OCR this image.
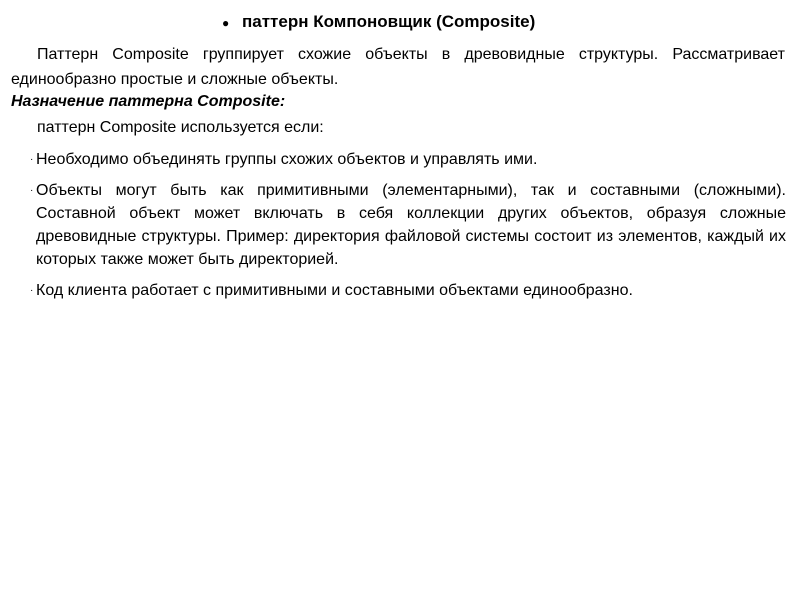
● паттерн Компоновщик (Composite)

Паттерн Composite группирует схожие объекты в древовидные структуры. Рассматривает единообразно простые и сложные объекты.

Назначение паттерна Composite:
паттерн Composite используется если:
· Необходимо объединять группы схожих объектов и управлять ими.
· Объекты могут быть как примитивными (элементарными), так и составными (сложными). Составной объект может включать в себя коллекции других объектов, образуя сложные древовидные структуры. Пример: директория файловой системы состоит из элементов, каждый их которых также может быть директорией.
· Код клиента работает с примитивными и составными объектами единообразно.
